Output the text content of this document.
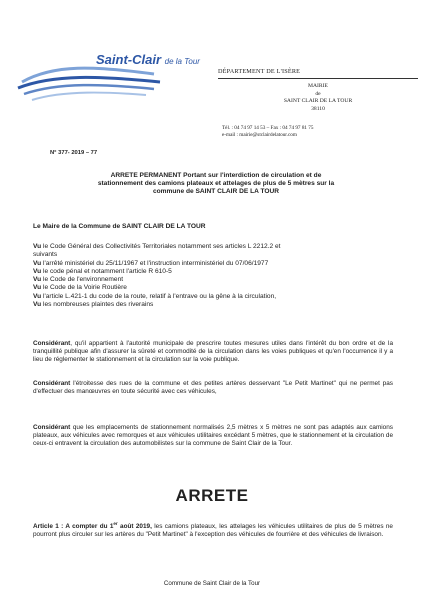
Saint-Clair de la Tour
DÉPARTEMENT DE L'ISÈRE
MAIRIE
de
SAINT CLAIR DE LA TOUR
38110
Tél. : 04 74 97 14 53 – Fax : 04 74 97 81 75
e-mail : mairie@stclairdelatour.com
N° 377- 2019 – 77
ARRETE PERMANENT Portant sur l'interdiction de circulation et de
stationnement des camions plateaux et attelages de plus de 5 mètres sur la
commune de SAINT CLAIR DE LA TOUR
Le Maire de la Commune de SAINT CLAIR DE LA TOUR
Vu le Code Général des Collectivités Territoriales notamment ses articles L 2212.2 et
suivants
Vu l'arrêté ministériel du 25/11/1967 et l'instruction interministériel du 07/06/1977
Vu le code pénal et notamment l'article R 610-5
Vu le Code de l'environnement
Vu le Code de la Voirie Routière
Vu l'article L.421-1 du code de la route, relatif à l'entrave ou la gêne à la circulation,
Vu les nombreuses plaintes des riverains
Considérant, qu'il appartient à l'autorité municipale de prescrire toutes mesures utiles dans l'intérêt du bon ordre et de la tranquillité publique afin d'assurer la sûreté et commodité de la circulation dans les voies publiques et qu'en l'occurrence il y a lieu de réglementer le stationnement et la circulation sur la voie publique.
Considérant l'étroitesse des rues de la commune et des petites artères desservant "Le Petit Martinet" qui ne permet pas d'effectuer des manœuvres en toute sécurité avec ces véhicules,
Considérant que les emplacements de stationnement normalisés 2,5 mètres x 5 mètres ne sont pas adaptés aux camions plateaux, aux véhicules avec remorques et aux véhicules utilitaires excédant 5 mètres, que le stationnement et la circulation de ceux-ci entravent la circulation des automobilistes sur la commune de Saint Clair de la Tour.
ARRETE
Article 1 : A compter du 1er août 2019, les camions plateaux, les attelages les véhicules utilitaires de plus de 5 mètres ne pourront plus circuler sur les artères du "Petit Martinet" à l'exception des véhicules de fourrière et des véhicules de livraison.
Commune de Saint Clair de la Tour
